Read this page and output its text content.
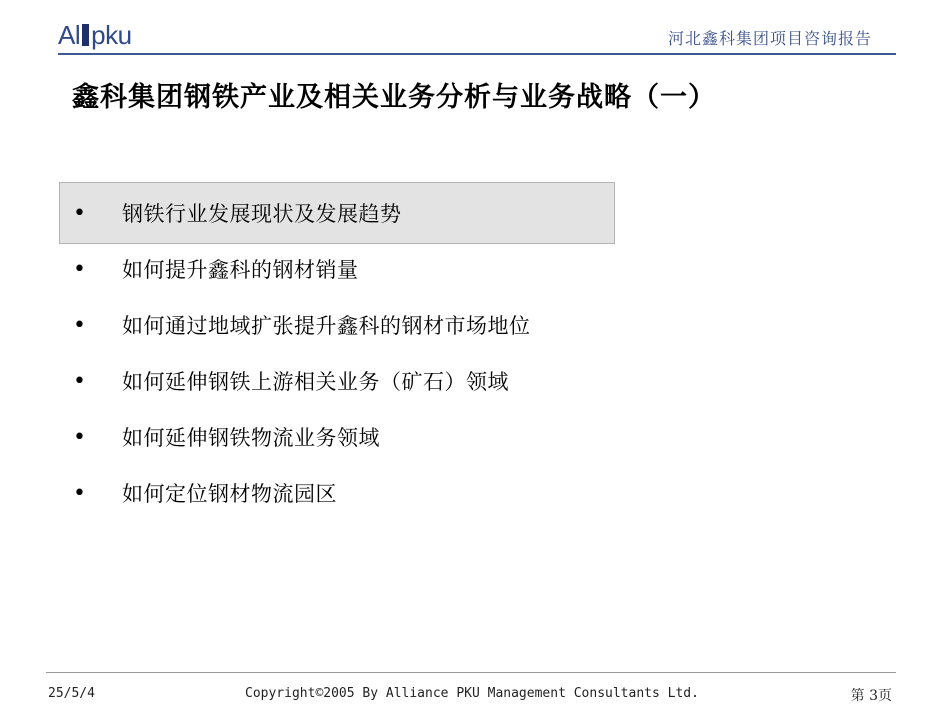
Al pku	河北鑫科集团项目咨询报告
鑫科集团钢铁产业及相关业务分析与业务战略（一）
• 钢铁行业发展现状及发展趋势
• 如何提升鑫科的钢材销量
• 如何通过地域扩张提升鑫科的钢材市场地位
• 如何延伸钢铁上游相关业务（矿石）领域
• 如何延伸钢铁物流业务领域
• 如何定位钢材物流园区
25/5/4	Copyright©2005 By Alliance PKU Management Consultants Ltd.	第 3页
